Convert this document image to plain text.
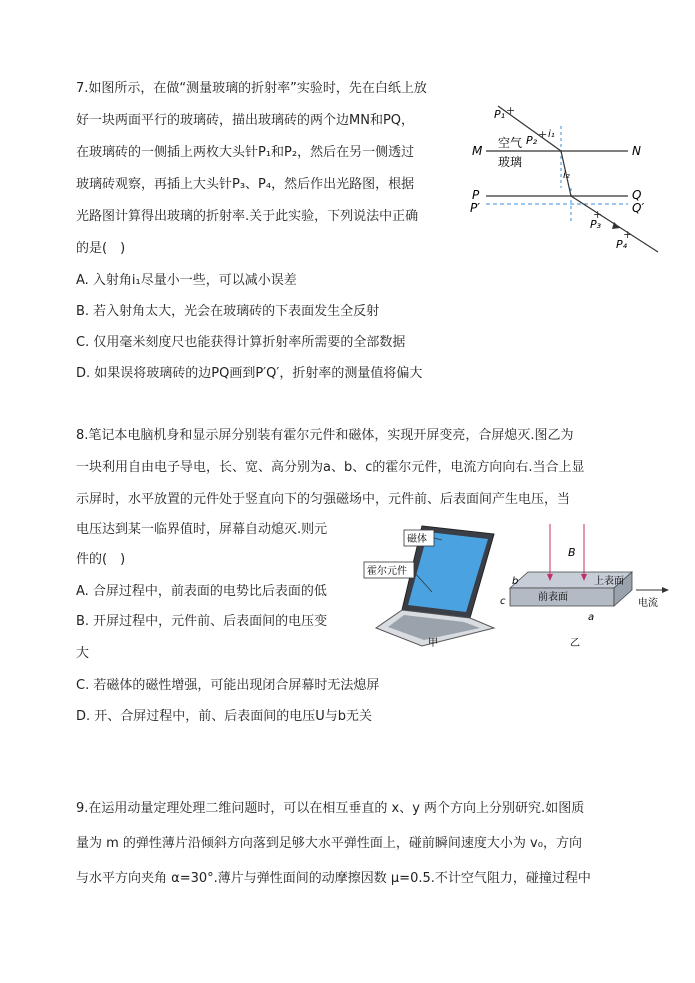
7.如图所示，在做“测量玻璃的折射率”实验时，先在白纸上放
好一块两面平行的玻璃砖，描出玻璃砖的两个边MN和PQ，
在玻璃砖的一侧插上两枚大头针P₁和P₂，然后在另一侧透过
玻璃砖观察，再插上大头针P₃、P₄，然后作出光路图，根据
光路图计算得出玻璃的折射率.关于此实验，下列说法中正确
的是(　)
A. 入射角i₁尽量小一些，可以减小误差
B. 若入射角太大，光会在玻璃砖的下表面发生全反射
C. 仅用毫米刻度尺也能获得计算折射率所需要的全部数据
D. 如果误将玻璃砖的边PQ画到P′Q′，折射率的测量值将偏大
+
+
+
+
P₁
P₂ i₁
空气
M	N
玻璃
i₂
P	Q
P′	Q′
P₃
P₄
8.笔记本电脑机身和显示屏分别装有霍尔元件和磁体，实现开屏变亮，合屏熄灭.图乙为
一块利用自由电子导电，长、宽、高分别为a、b、c的霍尔元件，电流方向向右.当合上显
示屏时，水平放置的元件处于竖直向下的匀强磁场中，元件前、后表面间产生电压，当
电压达到某一临界值时，屏幕自动熄灭.则元
件的(　)
A. 合屏过程中，前表面的电势比后表面的低
B. 开屏过程中，元件前、后表面间的电压变
大
C. 若磁体的磁性增强，可能出现闭合屏幕时无法熄屏
D. 开、合屏过程中，前、后表面间的电压U与b无关
磁体
霍尔元件
甲
B
上表面
前表面
电流
a
b
c
乙
9.在运用动量定理处理二维问题时，可以在相互垂直的 x、y 两个方向上分别研究.如图质
量为 m 的弹性薄片沿倾斜方向落到足够大水平弹性面上，碰前瞬间速度大小为 v₀，方向
与水平方向夹角 α=30°.薄片与弹性面间的动摩擦因数 μ=0.5.不计空气阻力，碰撞过程中
